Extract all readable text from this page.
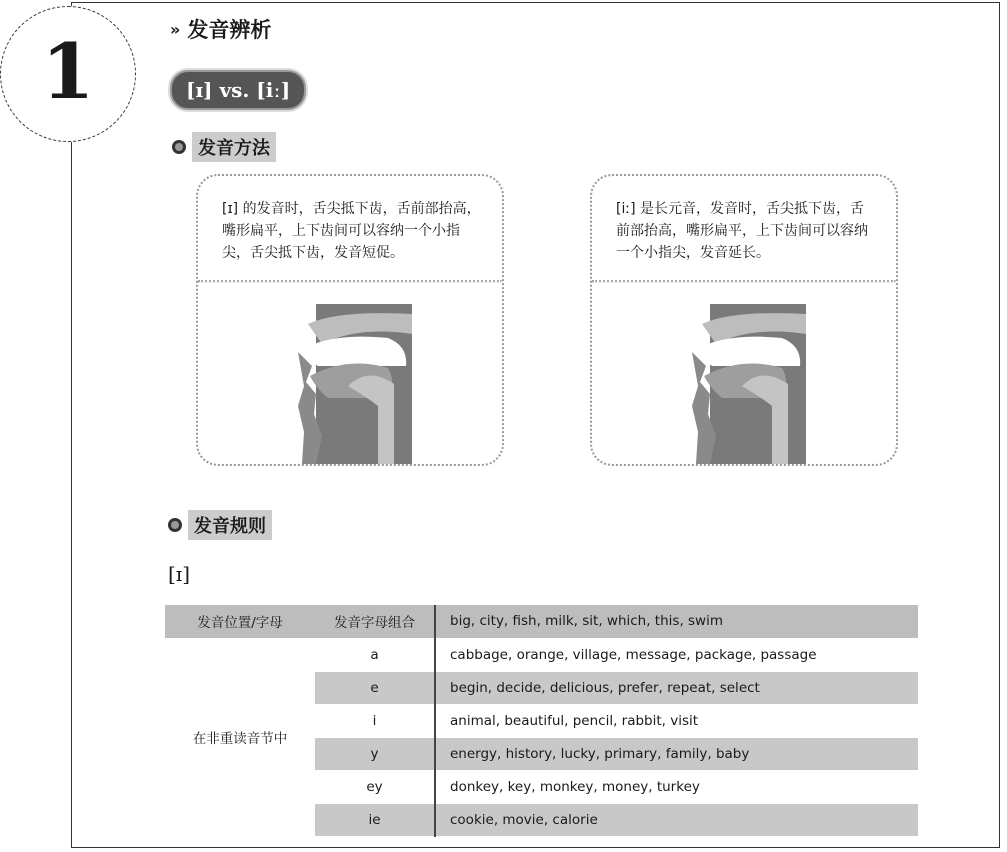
1	» 发音辨析
[ɪ] vs. [iː]
发音方法
[ɪ] 的发音时，舌尖抵下齿，舌前部抬高，嘴形扁平，上下齿间可以容纳一个小指尖，舌尖抵下齿，发音短促。
[iː] 是长元音，发音时，舌尖抵下齿，舌前部抬高，嘴形扁平，上下齿间可以容纳一个小指尖，发音延长。
发音规则
[ɪ]
发音位置/字母	发音字母组合	big, city, fish, milk, sit, which, this, swim
在非重读音节中	a	cabbage, orange, village, message, package, passage
	e	begin, decide, delicious, prefer, repeat, select
	i	animal, beautiful, pencil, rabbit, visit
	y	energy, history, lucky, primary, family, baby
	ey	donkey, key, monkey, money, turkey
	ie	cookie, movie, calorie
